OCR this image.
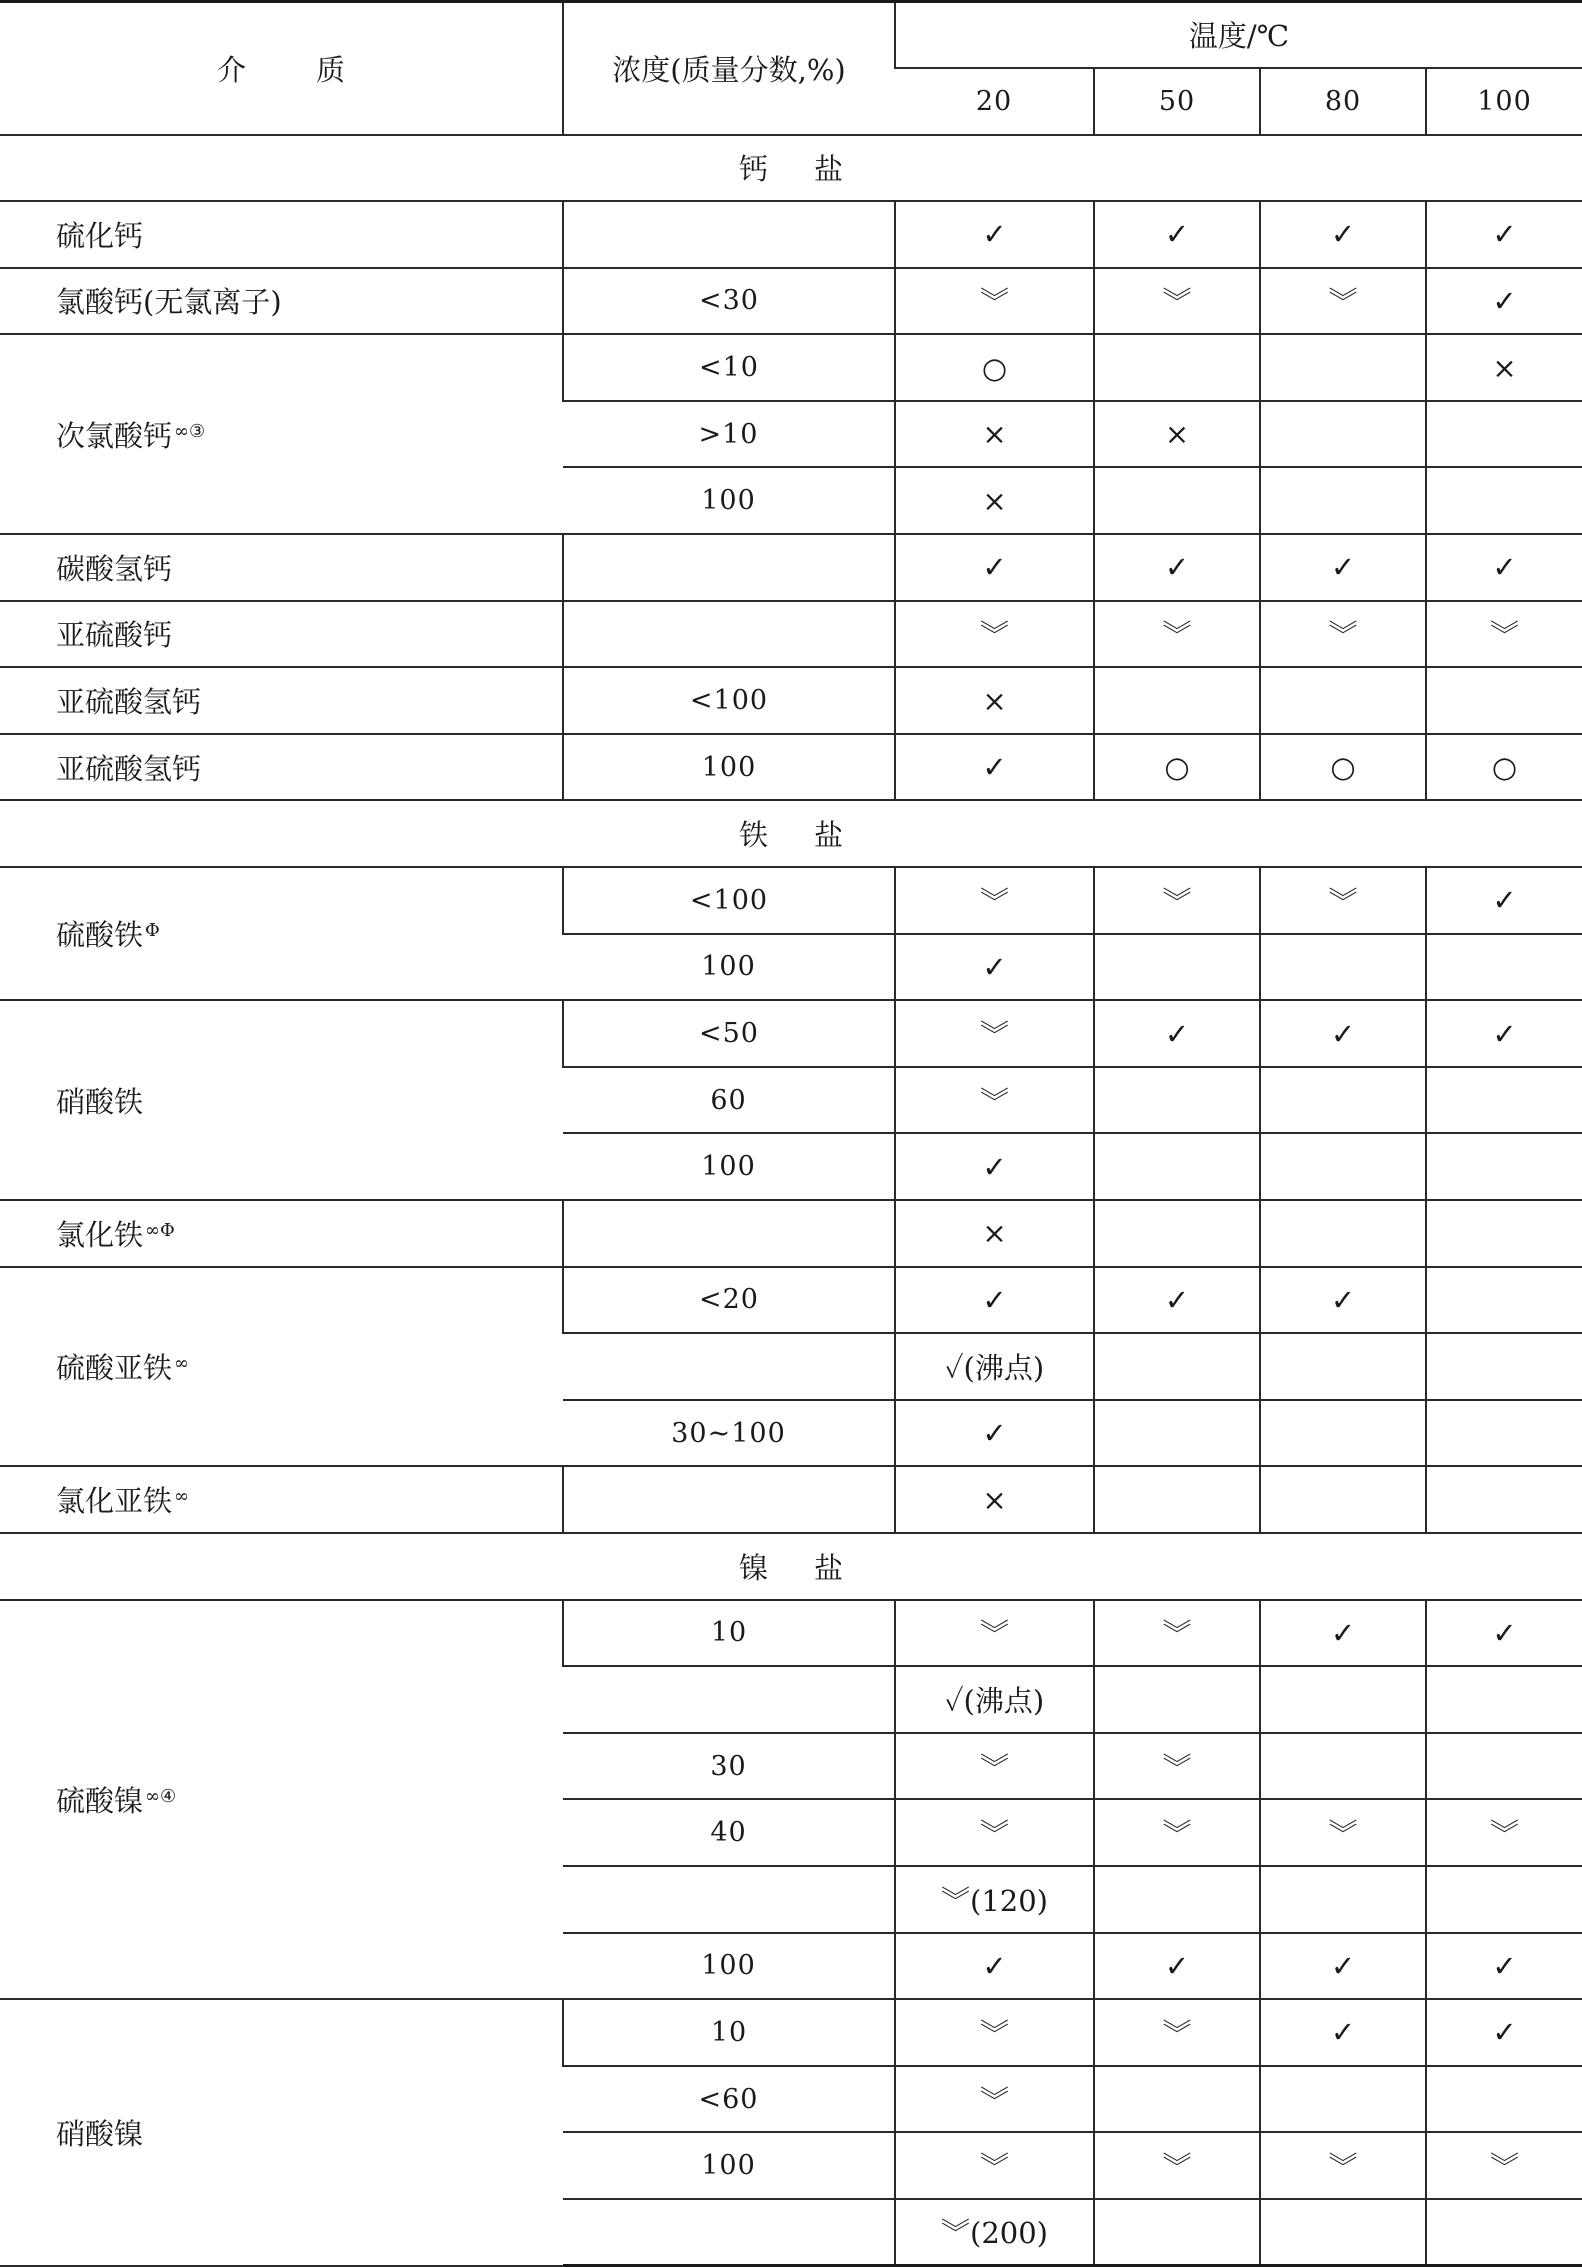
介质	浓度(质量分数,%)	温度/℃			
		20	50	80	100
钙盐					
硫化钙		✓	✓	✓	✓
氯酸钙(无氯离子)	<30	︾	︾	︾	✓
次氯酸钙 ∞③	<10	○			×
	>10	×	×		
	100	×			
碳酸氢钙		✓	✓	✓	✓
亚硫酸钙		︾	︾	︾	︾
亚硫酸氢钙	<100	×			
亚硫酸氢钙	100	✓	○	○	○
铁盐					
硫酸铁 $^\Phi$	<100	︾	︾	︾	✓
	100	✓			
硝酸铁	<50	︾	✓	✓	✓
	60	︾			
	100	✓			
氯化铁 $^{\infty\Phi}$		×			
硫酸亚铁 ∞	<20	✓	✓	✓	
		✓(沸点)			
	30~100	✓			
氯化亚铁 ∞		×			
镍盐					
硫酸镍 ∞④	10	︾	︾	✓	✓
		✓(沸点)			
	30	︾	︾		
	40	︾	︾	︾	︾
		︾(120)			
	100	✓	✓	✓	✓
硝酸镍	10	︾	︾	✓	✓
	<60	︾			
	100	︾	︾	︾	︾
		︾(200)			
